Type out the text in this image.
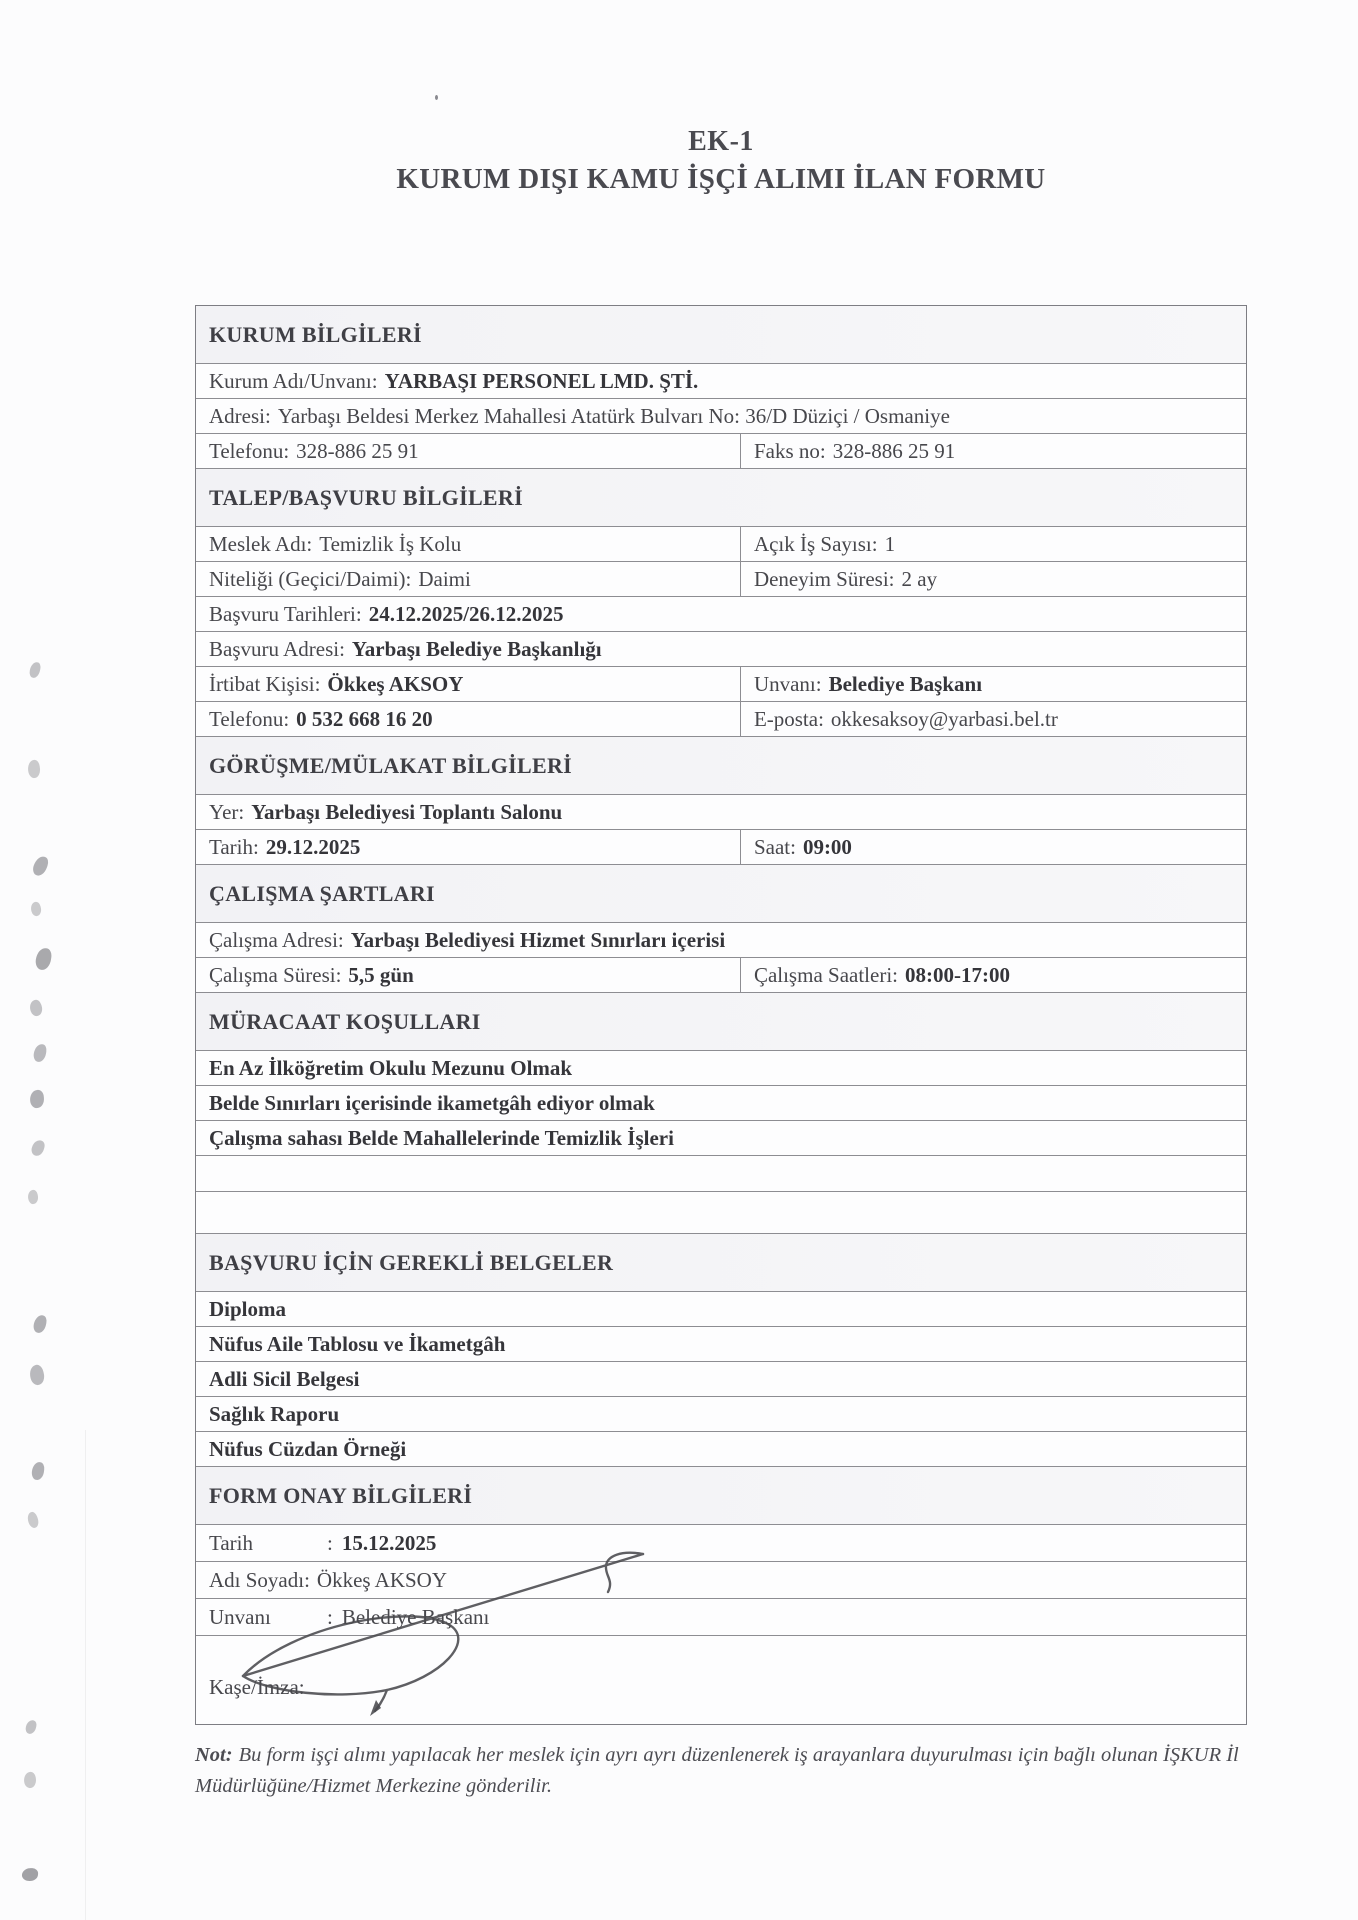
EK-1
KURUM DIŞI KAMU İŞÇİ ALIMI İLAN FORMU
KURUM BİLGİLERİ
Kurum Adı/Unvanı: YARBAŞI PERSONEL LMD. ŞTİ.
Adresi: Yarbaşı Beldesi Merkez Mahallesi Atatürk Bulvarı No: 36/D Düziçi / Osmaniye
Telefonu: 328-886 25 91	Faks no: 328-886 25 91
TALEP/BAŞVURU BİLGİLERİ
Meslek Adı: Temizlik İş Kolu	Açık İş Sayısı: 1
Niteliği (Geçici/Daimi): Daimi	Deneyim Süresi: 2 ay
Başvuru Tarihleri: 24.12.2025/26.12.2025
Başvuru Adresi: Yarbaşı Belediye Başkanlığı
İrtibat Kişisi: Ökkeş AKSOY	Unvanı: Belediye Başkanı
Telefonu: 0 532 668 16 20	E-posta: okkesaksoy@yarbasi.bel.tr
GÖRÜŞME/MÜLAKAT BİLGİLERİ
Yer: Yarbaşı Belediyesi Toplantı Salonu
Tarih: 29.12.2025	Saat: 09:00
ÇALIŞMA ŞARTLARI
Çalışma Adresi: Yarbaşı Belediyesi Hizmet Sınırları içerisi
Çalışma Süresi: 5,5 gün	Çalışma Saatleri: 08:00-17:00
MÜRACAAT KOŞULLARI
En Az İlköğretim Okulu Mezunu Olmak
Belde Sınırları içerisinde ikametgâh ediyor olmak
Çalışma sahası Belde Mahallelerinde Temizlik İşleri
BAŞVURU İÇİN GEREKLİ BELGELER
Diploma
Nüfus Aile Tablosu ve İkametgâh
Adli Sicil Belgesi
Sağlık Raporu
Nüfus Cüzdan Örneği
FORM ONAY BİLGİLERİ
Tarih	: 15.12.2025
Adı Soyadı: Ökkeş AKSOY
Unvanı	: Belediye Başkanı
Kaşe/İmza:

Not: Bu form işçi alımı yapılacak her meslek için ayrı ayrı düzenlenerek iş arayanlara duyurulması için bağlı olunan İŞKUR İl Müdürlüğüne/Hizmet Merkezine gönderilir.
